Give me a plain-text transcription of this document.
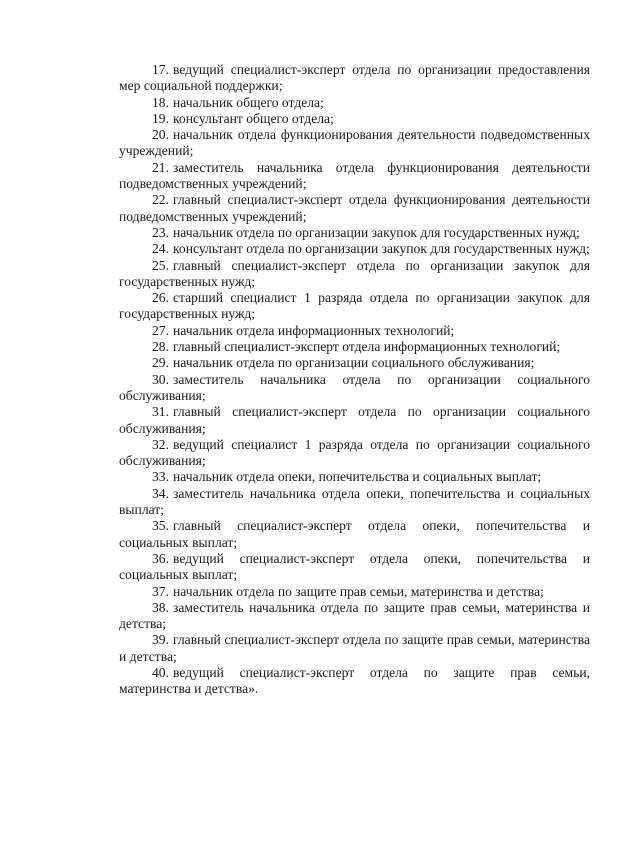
17. ведущий специалист-эксперт отдела по организации предоставления мер социальной поддержки;

18. начальник общего отдела;

19. консультант общего отдела;

20. начальник отдела функционирования деятельности подведомственных учреждений;

21. заместитель начальника отдела функционирования деятельности подведомственных учреждений;

22. главный специалист-эксперт отдела функционирования деятельности подведомственных учреждений;

23. начальник отдела по организации закупок для государственных нужд;

24. консультант отдела по организации закупок для государственных нужд;

25. главный специалист-эксперт отдела по организации закупок для государственных нужд;

26. старший специалист 1 разряда отдела по организации закупок для государственных нужд;

27. начальник отдела информационных технологий;

28. главный специалист-эксперт отдела информационных технологий;

29. начальник отдела по организации социального обслуживания;

30. заместитель начальника отдела по организации социального обслуживания;

31. главный специалист-эксперт отдела по организации социального обслуживания;

32. ведущий специалист 1 разряда отдела по организации социального обслуживания;

33. начальник отдела опеки, попечительства и социальных выплат;

34. заместитель начальника отдела опеки, попечительства и социальных выплат;

35. главный специалист-эксперт отдела опеки, попечительства и социальных выплат;

36. ведущий специалист-эксперт отдела опеки, попечительства и социальных выплат;

37. начальник отдела по защите прав семьи, материнства и детства;

38. заместитель начальника отдела по защите прав семьи, материнства и детства;

39. главный специалист-эксперт отдела по защите прав семьи, материнства и детства;

40. ведущий специалист-эксперт отдела по защите прав семьи, материнства и детства».
